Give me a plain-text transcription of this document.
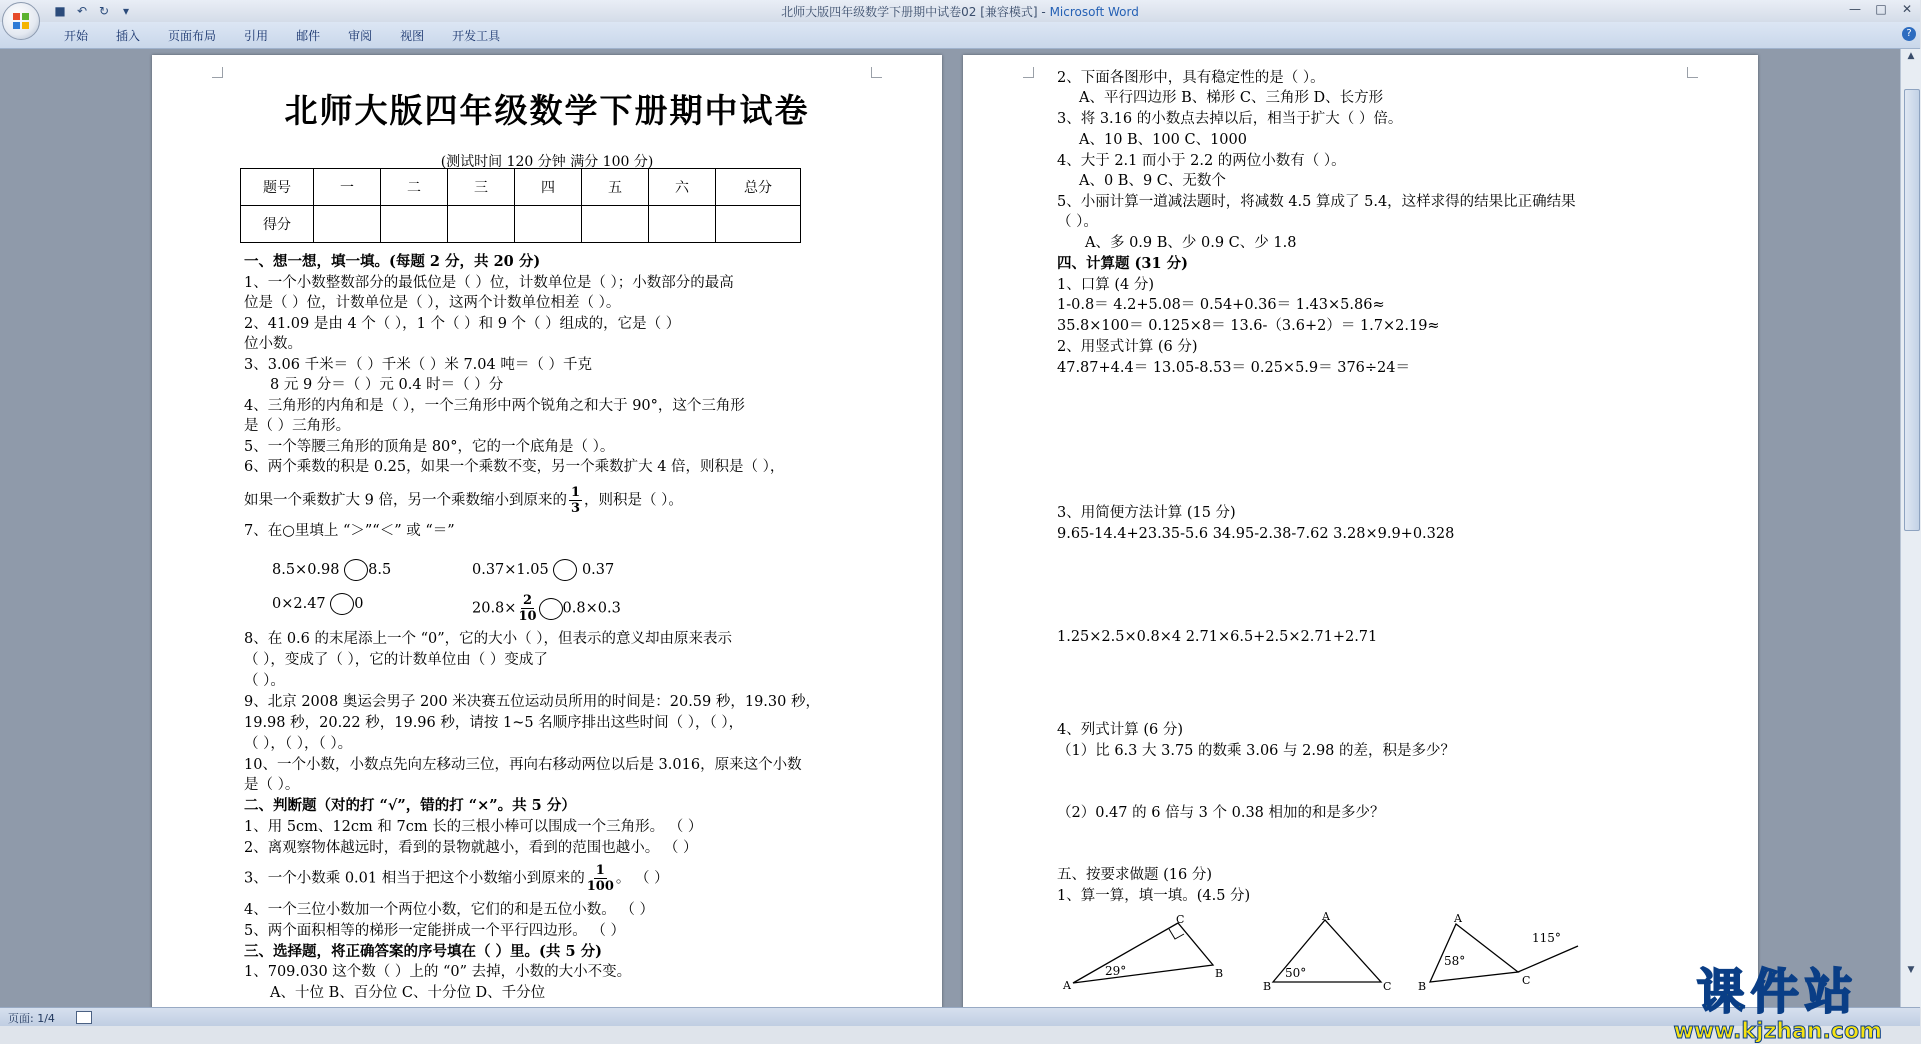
■ ↶ ↻	▾	北师大版四年级数学下册期中试卷02 [兼容模式] - Microsoft Word	—	□	✕
开始	插入	页面布局	引用	邮件	审阅	视图	开发工具	?
北师大版四年级数学下册期中试卷
(测试时间 120 分钟 满分 100 分)
题号	一	二	三	四	五	六	总分
得分							
一、想一想，填一填。(每题 2 分，共 20 分)
1、一个小数整数部分的最低位是（ ）位，计数单位是（ ）；小数部分的最高
位是（ ）位，计数单位是（ ），这两个计数单位相差（ ）。
2、41.09 是由 4 个（ ），1 个（ ）和 9 个（ ）组成的，它是（ ）
位小数。
3、3.06 千米＝（ ）千米（ ）米 7.04 吨＝（ ）千克
8 元 9 分＝（ ）元 0.4 时＝（ ）分
4、三角形的内角和是（ ），一个三角形中两个锐角之和大于 90°，这个三角形
是（ ）三角形。
5、一个等腰三角形的顶角是 80°，它的一个底角是（ ）。
6、两个乘数的积是 0.25，如果一个乘数不变，另一个乘数扩大 4 倍，则积是（ ），
如果一个乘数扩大 9 倍，另一个乘数缩小到原来的 $\frac{1}{3}$ ，则积是（ ）。
7、在○里填上 “＞”“＜” 或 “＝”
8.5×0.98 8.5	0.37×1.05 0.37
0×2.47 0	$20.8\times \frac{2}{10} 0.8\times 0.3$
8、在 0.6 的末尾添上一个 “0”，它的大小（ ），但表示的意义却由原来表示
（ ），变成了（ ），它的计数单位由（ ）变成了
（ ）。
9、北京 2008 奥运会男子 200 米决赛五位运动员所用的时间是：20.59 秒，19.30 秒，
19.98 秒，20.22 秒，19.96 秒，请按 1~5 名顺序排出这些时间（ ），（ ），
（ ），（ ），（ ）。
10、一个小数，小数点先向左移动三位，再向右移动两位以后是 3.016，原来这个小数
是（ ）。
二、判断题（对的打 “√”，错的打 “×”。共 5 分）
1、用 5cm、12cm 和 7cm 长的三根小棒可以围成一个三角形。 （ ）
2、离观察物体越远时，看到的景物就越小，看到的范围也越小。 （ ）
3、一个小数乘 0.01 相当于把这个小数缩小到原来的 $\frac{1}{100}$ 。 （ ）
4、一个三位小数加一个两位小数，它们的和是五位小数。 （ ）
5、两个面积相等的梯形一定能拼成一个平行四边形。 （ ）
三、选择题，将正确答案的序号填在（ ）里。(共 5 分)
1、709.030 这个数（ ）上的 “0” 去掉，小数的大小不变。
A、十位 B、百分位 C、十分位 D、千分位
2、下面各图形中，具有稳定性的是（ ）。
A、平行四边形 B、梯形 C、三角形 D、长方形
3、将 3.16 的小数点去掉以后，相当于扩大（ ）倍。
A、10 B、100 C、1000
4、大于 2.1 而小于 2.2 的两位小数有（ ）。
A、0 B、9 C、无数个
5、小丽计算一道减法题时，将减数 4.5 算成了 5.4，这样求得的结果比正确结果
（ ）。
A、多 0.9 B、少 0.9 C、少 1.8
四、计算题 (31 分)
1、口算 (4 分)
1-0.8＝ 4.2+5.08＝ 0.54+0.36＝ 1.43×5.86≈
35.8×100＝ 0.125×8＝ 13.6-（3.6+2）＝ 1.7×2.19≈
2、用竖式计算 (6 分)
47.87+4.4＝ 13.05-8.53＝ 0.25×5.9＝ 376÷24＝
3、用简便方法计算 (15 分)
9.65-14.4+23.35-5.6 34.95-2.38-7.62 3.28×9.9+0.328
1.25×2.5×0.8×4 2.71×6.5+2.5×2.71+2.71
4、列式计算 (6 分)
（1）比 6.3 大 3.75 的数乘 3.06 与 2.98 的差，积是多少？
（2）0.47 的 6 倍与 3 个 0.38 相加的和是多少？
五、按要求做题 (16 分)
1、算一算，填一填。(4.5 分)
A
C
B
29°
A
B	C
50°
A
B	C
58°
115°
课件站
www.kjzhan.com
▲
▼
页面: 1/4
